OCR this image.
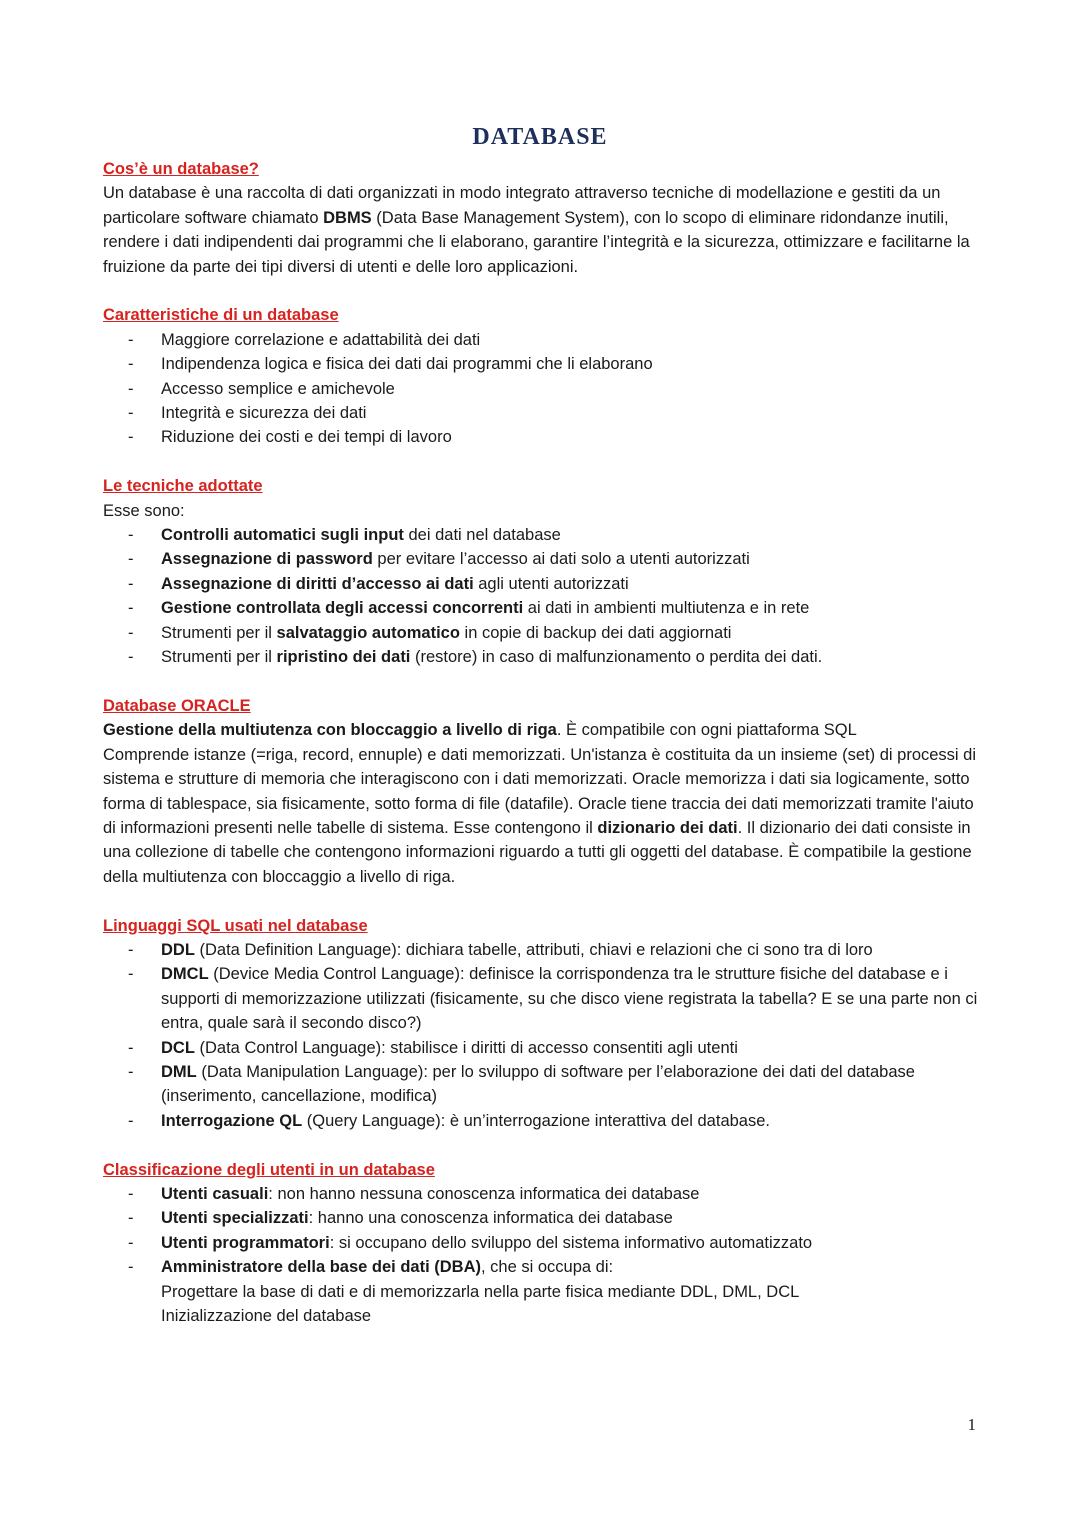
DATABASE
Cos’è un database?
Un database è una raccolta di dati organizzati in modo integrato attraverso tecniche di modellazione e gestiti da un particolare software chiamato DBMS (Data Base Management System), con lo scopo di eliminare ridondanze inutili, rendere i dati indipendenti dai programmi che li elaborano, garantire l’integrità e la sicurezza, ottimizzare e facilitarne la fruizione da parte dei tipi diversi di utenti e delle loro applicazioni.
Caratteristiche di un database
- Maggiore correlazione e adattabilità dei dati
- Indipendenza logica e fisica dei dati dai programmi che li elaborano
- Accesso semplice e amichevole
- Integrità e sicurezza dei dati
- Riduzione dei costi e dei tempi di lavoro
Le tecniche adottate
Esse sono:
- Controlli automatici sugli input dei dati nel database
- Assegnazione di password per evitare l’accesso ai dati solo a utenti autorizzati
- Assegnazione di diritti d’accesso ai dati agli utenti autorizzati
- Gestione controllata degli accessi concorrenti ai dati in ambienti multiutenza e in rete
- Strumenti per il salvataggio automatico in copie di backup dei dati aggiornati
- Strumenti per il ripristino dei dati (restore) in caso di malfunzionamento o perdita dei dati.
Database ORACLE
Gestione della multiutenza con bloccaggio a livello di riga. È compatibile con ogni piattaforma SQL
Comprende istanze (=riga, record, ennuple) e dati memorizzati. Un'istanza è costituita da un insieme (set) di processi di sistema e strutture di memoria che interagiscono con i dati memorizzati. Oracle memorizza i dati sia logicamente, sotto forma di tablespace, sia fisicamente, sotto forma di file (datafile). Oracle tiene traccia dei dati memorizzati tramite l'aiuto di informazioni presenti nelle tabelle di sistema. Esse contengono il dizionario dei dati. Il dizionario dei dati consiste in una collezione di tabelle che contengono informazioni riguardo a tutti gli oggetti del database. È compatibile la gestione della multiutenza con bloccaggio a livello di riga.
Linguaggi SQL usati nel database
- DDL (Data Definition Language): dichiara tabelle, attributi, chiavi e relazioni che ci sono tra di loro
- DMCL (Device Media Control Language): definisce la corrispondenza tra le strutture fisiche del database e i supporti di memorizzazione utilizzati (fisicamente, su che disco viene registrata la tabella? E se una parte non ci entra, quale sarà il secondo disco?)
- DCL (Data Control Language): stabilisce i diritti di accesso consentiti agli utenti
- DML (Data Manipulation Language): per lo sviluppo di software per l’elaborazione dei dati del database (inserimento, cancellazione, modifica)
- Interrogazione QL (Query Language): è un’interrogazione interattiva del database.
Classificazione degli utenti in un database
- Utenti casuali: non hanno nessuna conoscenza informatica dei database
- Utenti specializzati: hanno una conoscenza informatica dei database
- Utenti programmatori: si occupano dello sviluppo del sistema informativo automatizzato
- Amministratore della base dei dati (DBA), che si occupa di:
Progettare la base di dati e di memorizzarla nella parte fisica mediante DDL, DML, DCL
Inizializzazione del database
1
